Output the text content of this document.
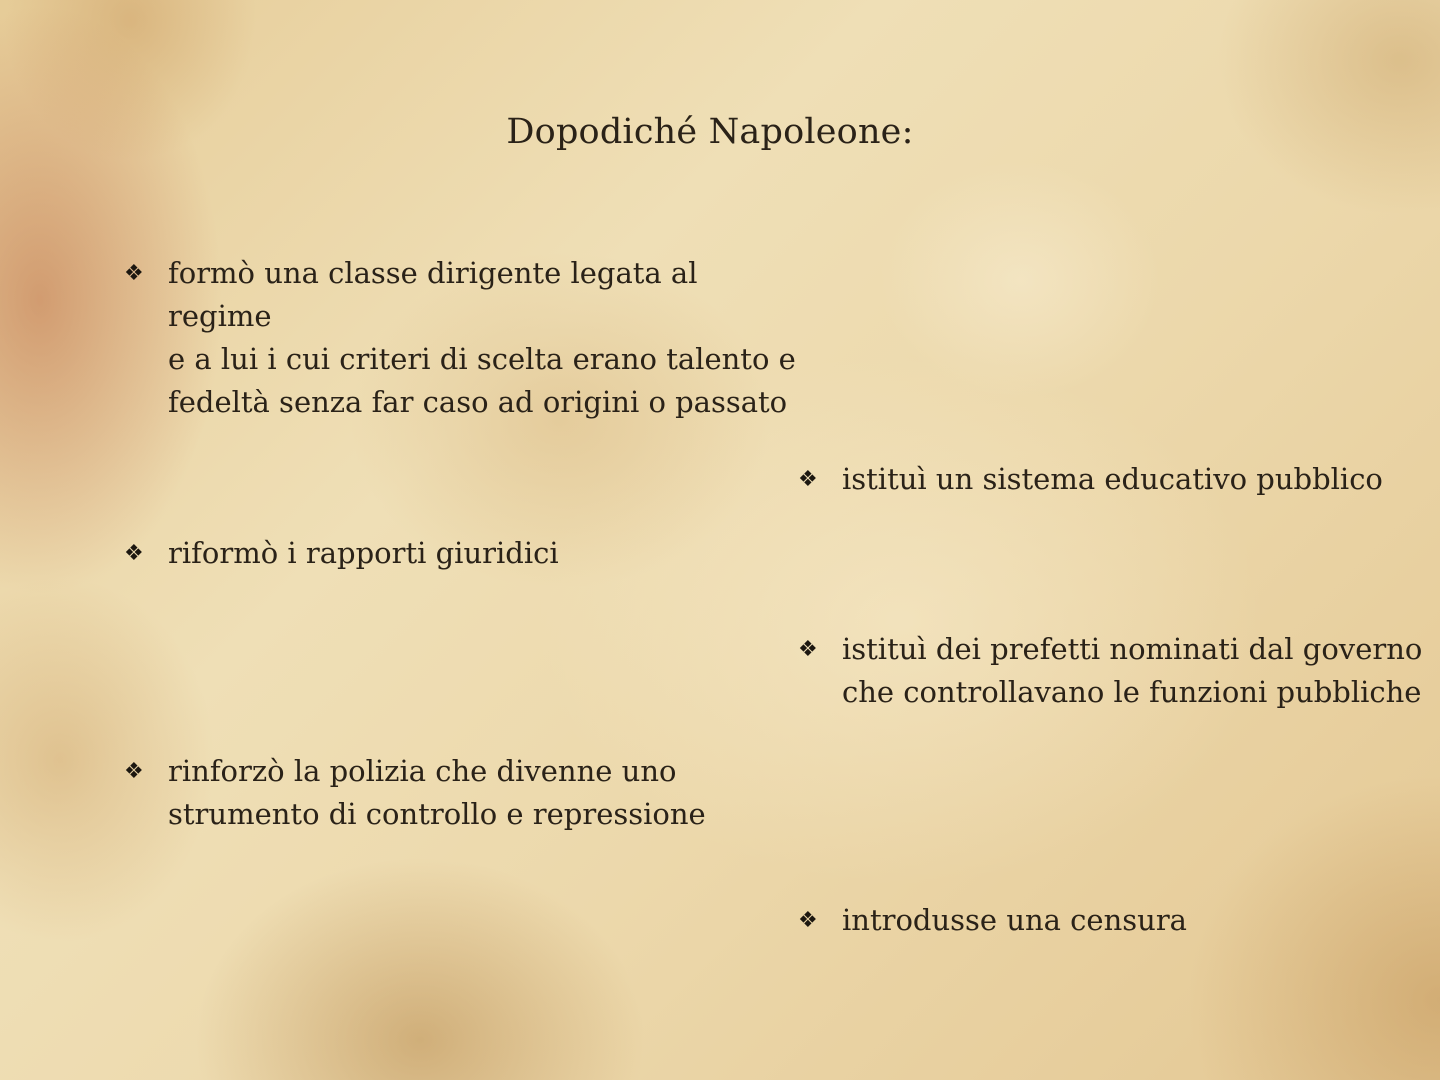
Dopodiché Napoleone:
❖ formò una classe dirigente legata al regime
e a lui i cui criteri di scelta erano talento e
fedeltà senza far caso ad origini o passato
❖ riformò i rapporti giuridici
❖ rinforzò la polizia che divenne uno
strumento di controllo e repressione
❖ istituì un sistema educativo pubblico
❖ istituì dei prefetti nominati dal governo
che controllavano le funzioni pubbliche
❖ introdusse una censura
